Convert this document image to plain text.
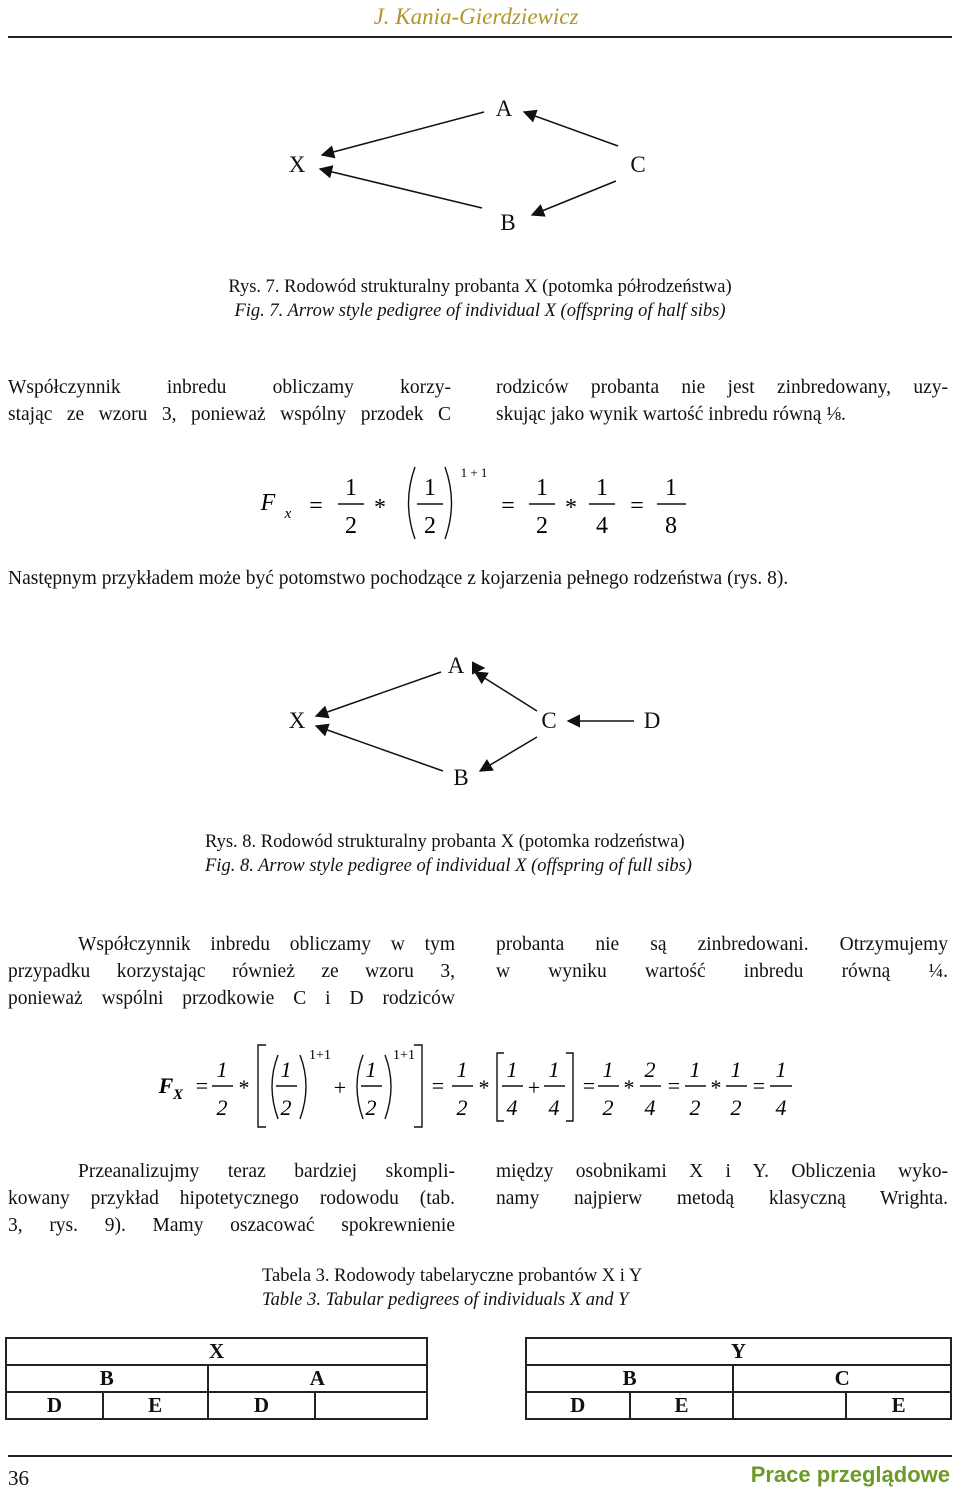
J. Kania-Gierdziewicz
A
X	C
B
Rys. 7. Rodowód strukturalny probanta X (potomka półrodzeństwa)
Fig. 7. Arrow style pedigree of individual X (offspring of half sibs)
Współczynnik inbredu obliczamy korzy-
stając ze wzoru 3, ponieważ wspólny przodek C
rodziców probanta nie jest zinbredowany, uzy-
skując jako wynik wartość inbredu równą ⅛.
F x =
1
2
*
1
2
1 + 1
=
1
2
*
1
4
=
1
8
Następnym przykładem może być potomstwo pochodzące z kojarzenia pełnego rodzeństwa (rys. 8).
A
X	C	D
B
Rys. 8. Rodowód strukturalny probanta X (potomka rodzeństwa)
Fig. 8. Arrow style pedigree of individual X (offspring of full sibs)
Współczynnik inbredu obliczamy w tym
przypadku korzystając również ze wzoru 3,
ponieważ wspólni przodkowie C i D rodziców
probanta nie są zinbredowani. Otrzymujemy
w wyniku wartość inbredu równą ¼.
F X =
1
2
*
1
2
1+1
+
1
2
1+1
=
1
2
*
1
4
+
1
4
=
1
2
*
2
4
=
1
2
*
1
2
=
1
4
Przeanalizujmy teraz bardziej skompli-
kowany przykład hipotetycznego rodowodu (tab.
3, rys. 9). Mamy oszacować spokrewnienie
między osobnikami X i Y. Obliczenia wyko-
namy najpierw metodą klasyczną Wrighta.
Tabela 3. Rodowody tabelaryczne probantów X i Y
Table 3. Tabular pedigrees of individuals X and Y
X					Y			
B		A			B		C	
D	E	D			D	E		E
36	Prace przeglądowe
